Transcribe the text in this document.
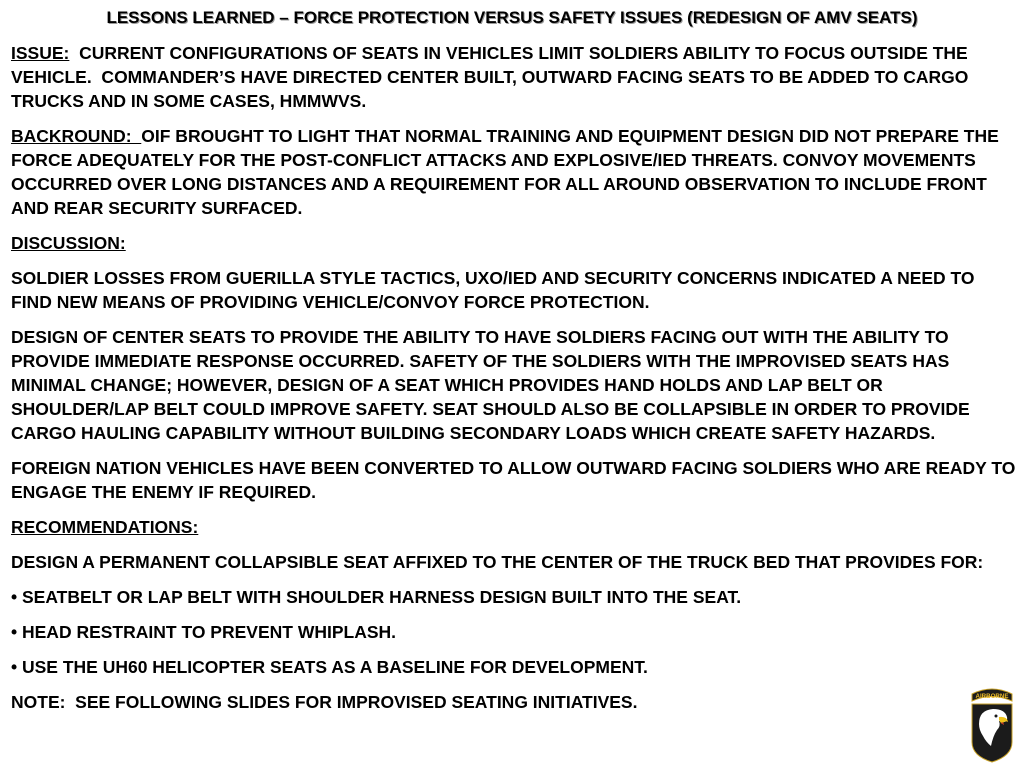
LESSONS LEARNED – FORCE PROTECTION VERSUS SAFETY ISSUES (REDESIGN OF AMV SEATS)

ISSUE:  CURRENT CONFIGURATIONS OF SEATS IN VEHICLES LIMIT SOLDIERS ABILITY TO FOCUS OUTSIDE THE VEHICLE.  COMMANDER’S HAVE DIRECTED CENTER BUILT, OUTWARD FACING SEATS TO BE ADDED TO CARGO TRUCKS AND IN SOME CASES, HMMWVS.

BACKROUND:  OIF BROUGHT TO LIGHT THAT NORMAL TRAINING AND EQUIPMENT DESIGN DID NOT PREPARE THE FORCE ADEQUATELY FOR THE POST-CONFLICT ATTACKS AND EXPLOSIVE/IED THREATS. CONVOY MOVEMENTS OCCURRED OVER LONG DISTANCES AND A REQUIREMENT FOR ALL AROUND OBSERVATION TO INCLUDE FRONT AND REAR SECURITY SURFACED.

DISCUSSION:

SOLDIER LOSSES FROM GUERILLA STYLE TACTICS, UXO/IED AND SECURITY CONCERNS INDICATED A NEED TO FIND NEW MEANS OF PROVIDING VEHICLE/CONVOY FORCE PROTECTION.

DESIGN OF CENTER SEATS TO PROVIDE THE ABILITY TO HAVE SOLDIERS FACING OUT WITH THE ABILITY TO PROVIDE IMMEDIATE RESPONSE OCCURRED. SAFETY OF THE SOLDIERS WITH THE IMPROVISED SEATS HAS MINIMAL CHANGE; HOWEVER, DESIGN OF A SEAT WHICH PROVIDES HAND HOLDS AND LAP BELT OR SHOULDER/LAP BELT COULD IMPROVE SAFETY. SEAT SHOULD ALSO BE COLLAPSIBLE IN ORDER TO PROVIDE CARGO HAULING CAPABILITY WITHOUT BUILDING SECONDARY LOADS WHICH CREATE SAFETY HAZARDS.

FOREIGN NATION VEHICLES HAVE BEEN CONVERTED TO ALLOW OUTWARD FACING SOLDIERS WHO ARE READY TO ENGAGE THE ENEMY IF REQUIRED.

RECOMMENDATIONS:

DESIGN A PERMANENT COLLAPSIBLE SEAT AFFIXED TO THE CENTER OF THE TRUCK BED THAT PROVIDES FOR:

• SEATBELT OR LAP BELT WITH SHOULDER HARNESS DESIGN BUILT INTO THE SEAT.

• HEAD RESTRAINT TO PREVENT WHIPLASH.

• USE THE UH60 HELICOPTER SEATS AS A BASELINE FOR DEVELOPMENT.

NOTE:  SEE FOLLOWING SLIDES FOR IMPROVISED SEATING INITIATIVES.	AIRBORNE
